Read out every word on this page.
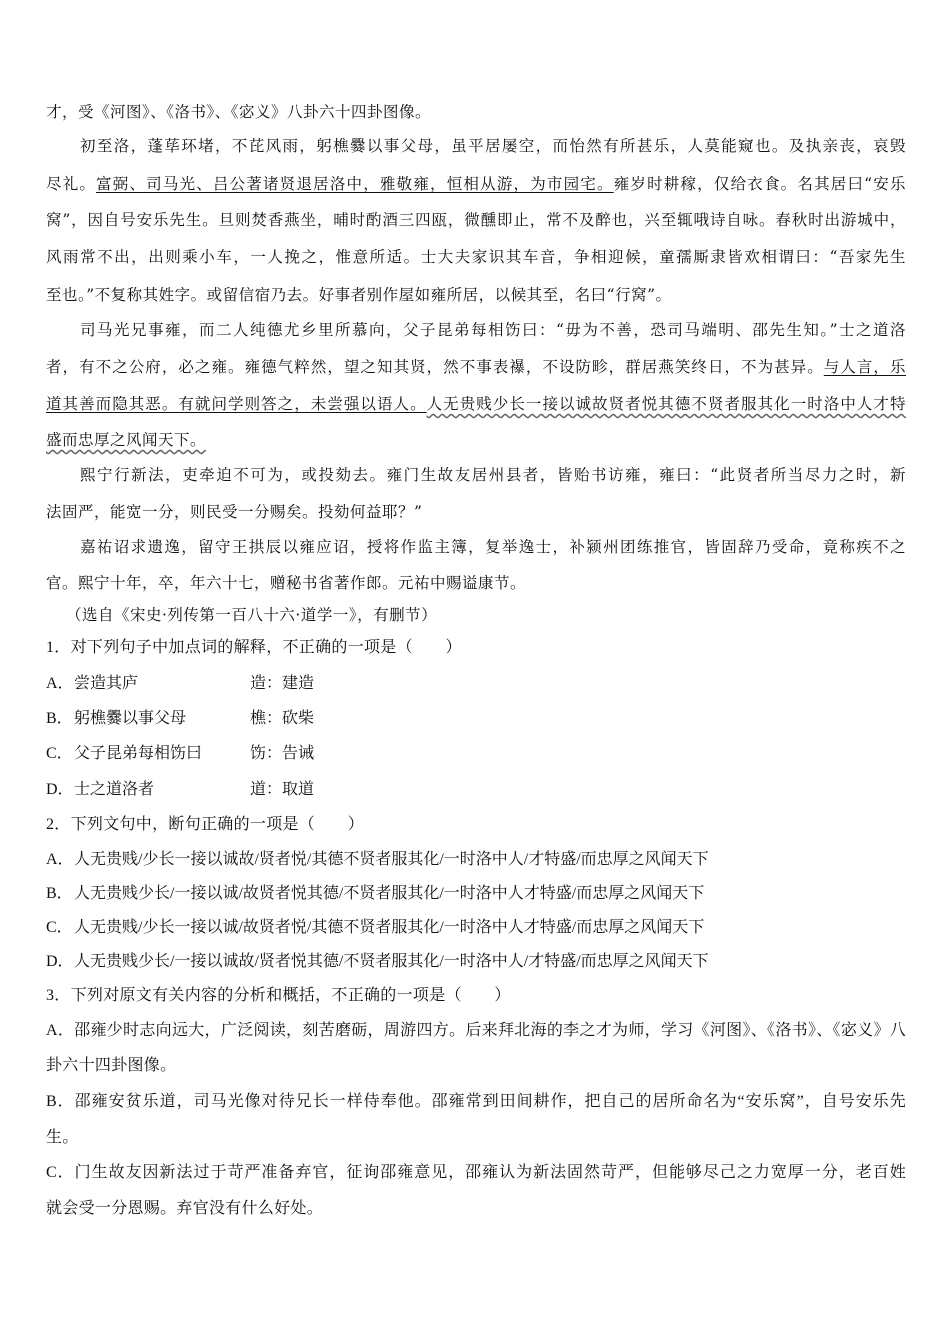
才，受《河图》、《洛书》、《宓义》八卦六十四卦图像。
初至洛，蓬荜环堵，不芘风雨，躬樵爨以事父母，虽平居屡空，而怡然有所甚乐，人莫能窥也。及执亲丧，哀毁
尽礼。富弼、司马光、吕公著诸贤退居洛中，雅敬雍，恒相从游，为市园宅。雍岁时耕稼，仅给衣食。名其居曰“安乐
窝”，因自号安乐先生。旦则焚香燕坐，晡时酌酒三四瓯，微醺即止，常不及醉也，兴至辄哦诗自咏。春秋时出游城中，
风雨常不出，出则乘小车，一人挽之，惟意所适。士大夫家识其车音，争相迎候，童孺厮隶皆欢相谓曰：“吾家先生
至也。”不复称其姓字。或留信宿乃去。好事者别作屋如雍所居，以候其至，名曰“行窝”。
司马光兄事雍，而二人纯德尤乡里所慕向，父子昆弟每相饬曰：“毋为不善，恐司马端明、邵先生知。”士之道洛
者，有不之公府，必之雍。雍德气粹然，望之知其贤，然不事表襮，不设防畛，群居燕笑终日，不为甚异。与人言，乐
道其善而隐其恶。有就问学则答之，未尝强以语人。人无贵贱少长一接以诚故贤者悦其德不贤者服其化一时洛中人才特
盛而忠厚之风闻天下。
熙宁行新法，吏牵迫不可为，或投劾去。雍门生故友居州县者，皆贻书访雍，雍曰：“此贤者所当尽力之时，新
法固严，能宽一分，则民受一分赐矣。投劾何益耶？”
嘉祐诏求遗逸，留守王拱辰以雍应诏，授将作监主簿，复举逸士，补颍州团练推官，皆固辞乃受命，竟称疾不之
官。熙宁十年，卒，年六十七，赠秘书省著作郎。元祐中赐谥康节。
（选自《宋史·列传第一百八十六·道学一》，有删节）
1．对下列句子中加点词的解释，不正确的一项是（　　）
A．尝造其庐	造：建造
B．躬樵爨以事父母	樵：砍柴
C．父子昆弟每相饬曰	饬：告诫
D．士之道洛者	道：取道
2．下列文句中，断句正确的一项是（　　）
A．人无贵贱/少长一接以诚故/贤者悦/其德不贤者服其化/一时洛中人/才特盛/而忠厚之风闻天下
B．人无贵贱少长/一接以诚/故贤者悦其德/不贤者服其化/一时洛中人才特盛/而忠厚之风闻天下
C．人无贵贱/少长一接以诚/故贤者悦/其德不贤者服其化/一时洛中人才特盛/而忠厚之风闻天下
D．人无贵贱少长/一接以诚故/贤者悦其德/不贤者服其化/一时洛中人/才特盛/而忠厚之风闻天下
3．下列对原文有关内容的分析和概括，不正确的一项是（　　）
A．邵雍少时志向远大，广泛阅读，刻苦磨砺，周游四方。后来拜北海的李之才为师，学习《河图》、《洛书》、《宓义》八
卦六十四卦图像。
B．邵雍安贫乐道，司马光像对待兄长一样侍奉他。邵雍常到田间耕作，把自己的居所命名为“安乐窝”，自号安乐先
生。
C．门生故友因新法过于苛严准备弃官，征询邵雍意见，邵雍认为新法固然苛严，但能够尽己之力宽厚一分，老百姓
就会受一分恩赐。弃官没有什么好处。
